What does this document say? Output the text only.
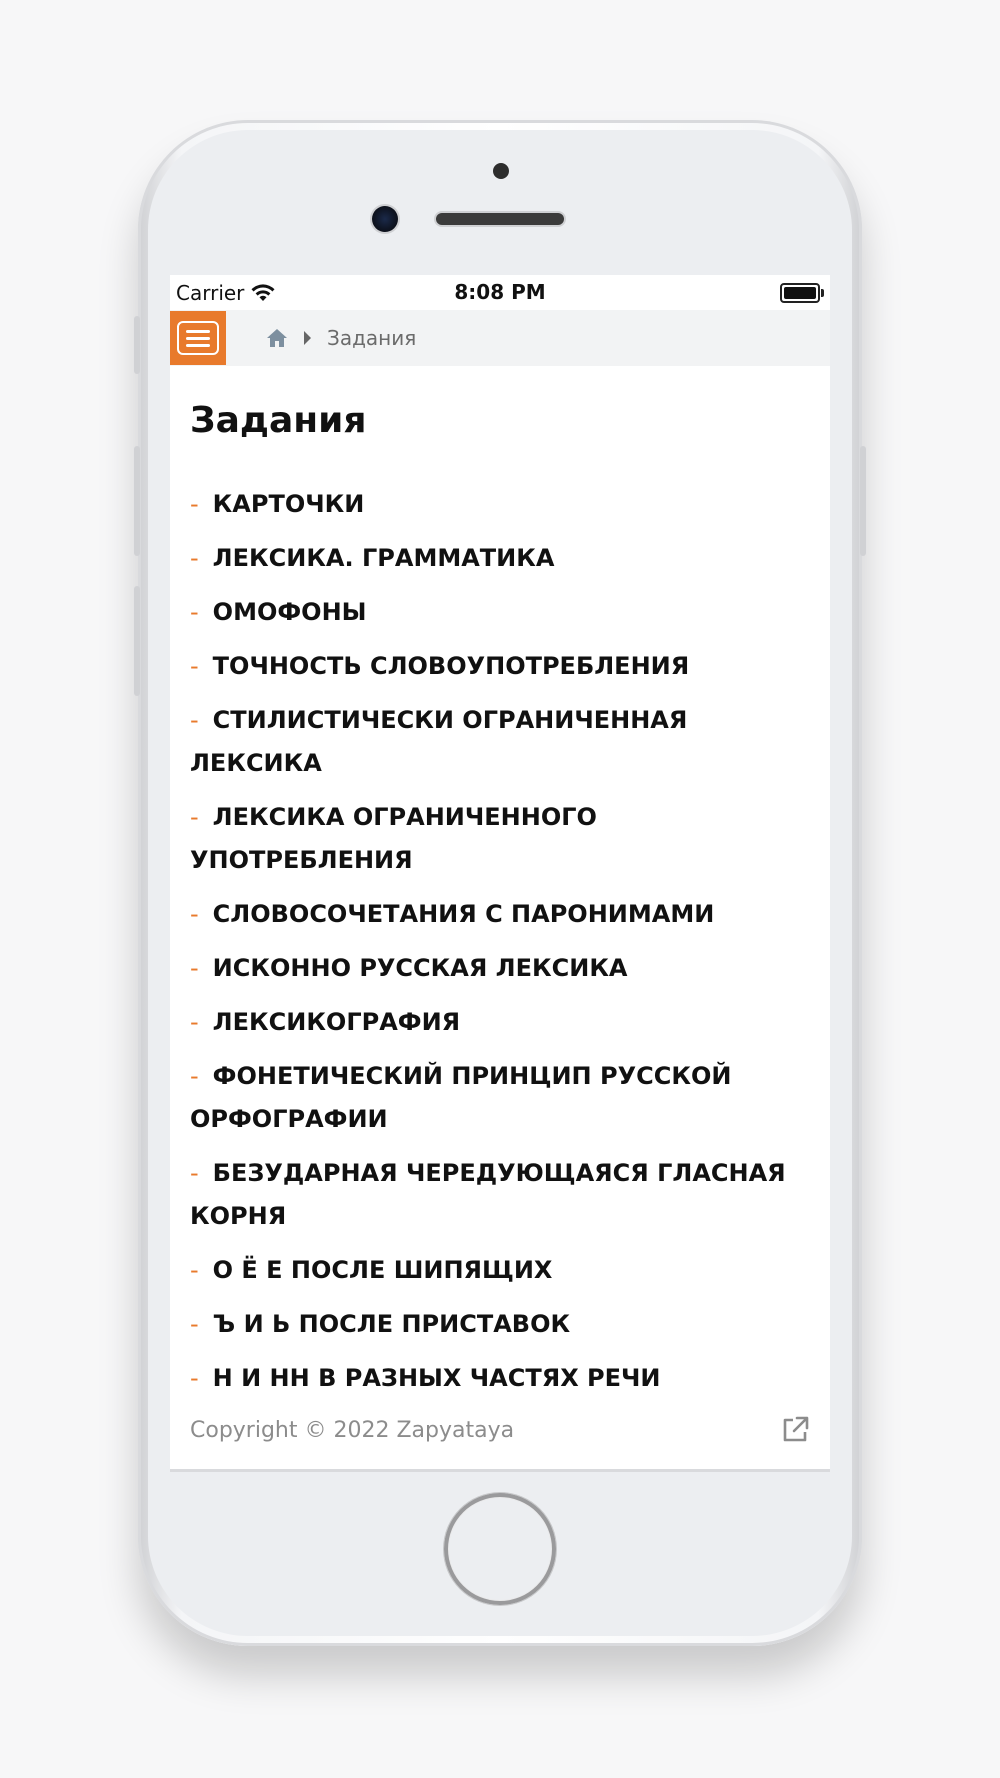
Carrier	8:08 PM
Задания
Задания
- КАРТОЧКИ
- ЛЕКСИКА. ГРАММАТИКА
- ОМОФОНЫ
- ТОЧНОСТЬ СЛОВОУПОТРЕБЛЕНИЯ
- СТИЛИСТИЧЕСКИ ОГРАНИЧЕННАЯ ЛЕКСИКА
- ЛЕКСИКА ОГРАНИЧЕННОГО УПОТРЕБЛЕНИЯ
- СЛОВОСОЧЕТАНИЯ С ПАРОНИМАМИ
- ИСКОННО РУССКАЯ ЛЕКСИКА
- ЛЕКСИКОГРАФИЯ
- ФОНЕТИЧЕСКИЙ ПРИНЦИП РУССКОЙ ОРФОГРАФИИ
- БЕЗУДАРНАЯ ЧЕРЕДУЮЩАЯСЯ ГЛАСНАЯ КОРНЯ
- О Ё Е ПОСЛЕ ШИПЯЩИХ
- Ъ И Ь ПОСЛЕ ПРИСТАВОК
- Н И НН В РАЗНЫХ ЧАСТЯХ РЕЧИ
Copyright © 2022 Zapyataya
